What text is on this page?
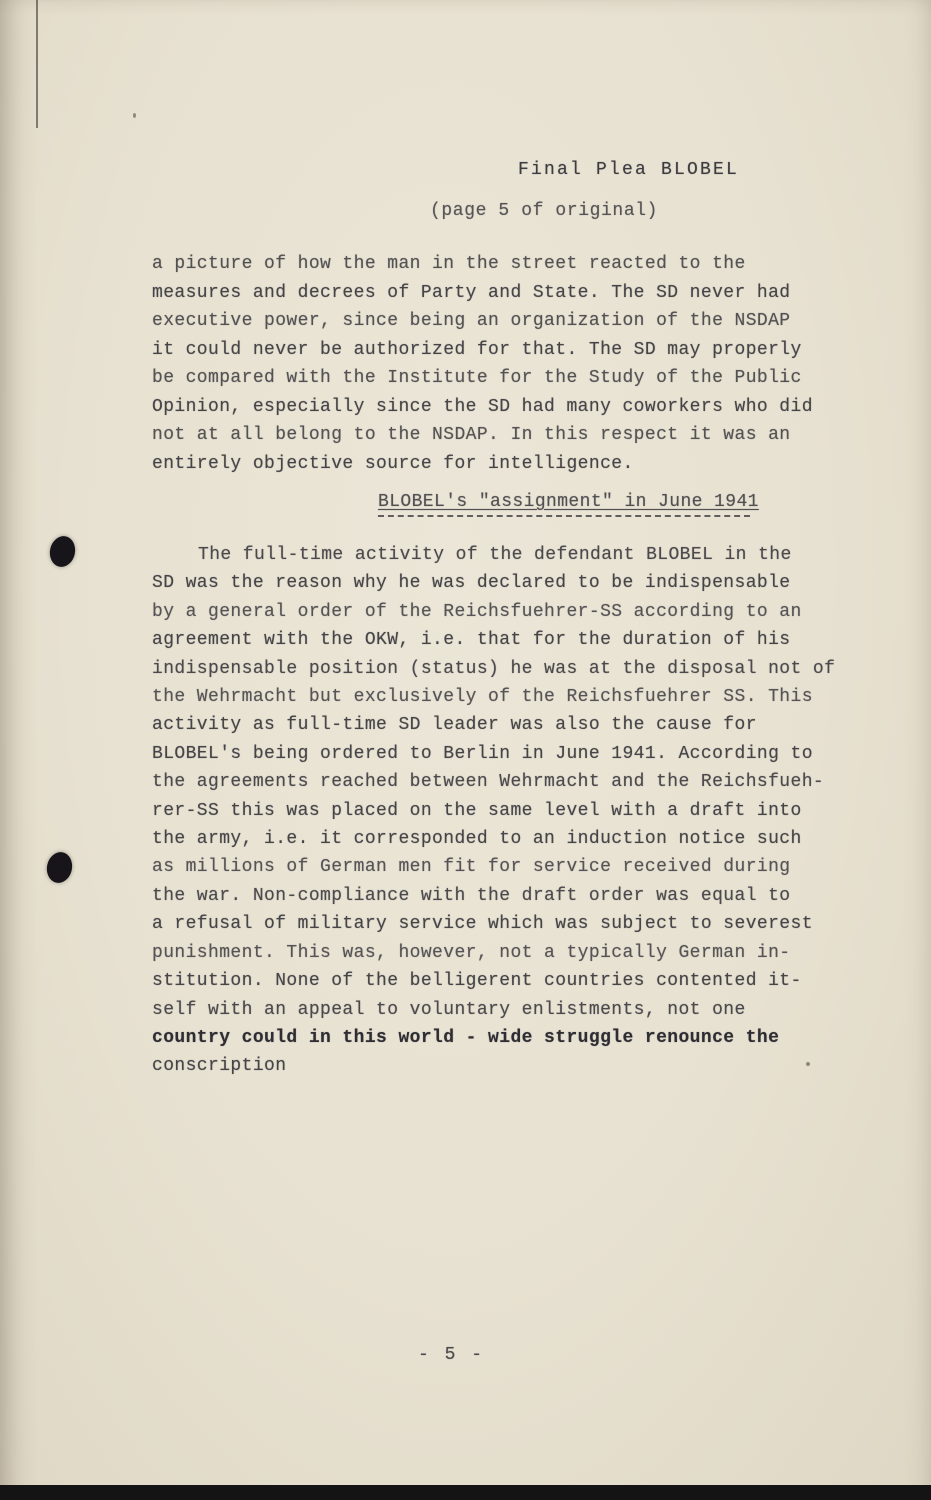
Final Plea BLOBEL
(page 5 of original)
a picture of how the man in the street reacted to the
measures and decrees of Party and State. The SD never had
executive power, since being an organization of the NSDAP
it could never be authorized for that. The SD may properly
be compared with the Institute for the Study of the Public
Opinion, especially since the SD had many coworkers who did
not at all belong to the NSDAP. In this respect it was an
entirely objective source for intelligence.
BLOBEL's "assignment" in June 1941
The full-time activity of the defendant BLOBEL in the
SD was the reason why he was declared to be indispensable
by a general order of the Reichsfuehrer-SS according to an
agreement with the OKW, i.e. that for the duration of his
indispensable position (status) he was at the disposal not of
the Wehrmacht but exclusively of the Reichsfuehrer SS. This
activity as full-time SD leader was also the cause for
BLOBEL's being ordered to Berlin in June 1941. According to
the agreements reached between Wehrmacht and the Reichsfueh-
rer-SS this was placed on the same level with a draft into
the army, i.e. it corresponded to an induction notice such
as millions of German men fit for service received during
the war. Non-compliance with the draft order was equal to
a refusal of military service which was subject to severest
punishment. This was, however, not a typically German in-
stitution. None of the belligerent countries contented it-
self with an appeal to voluntary enlistments, not one
country could in this world - wide struggle renounce the
conscription
- 5 -
